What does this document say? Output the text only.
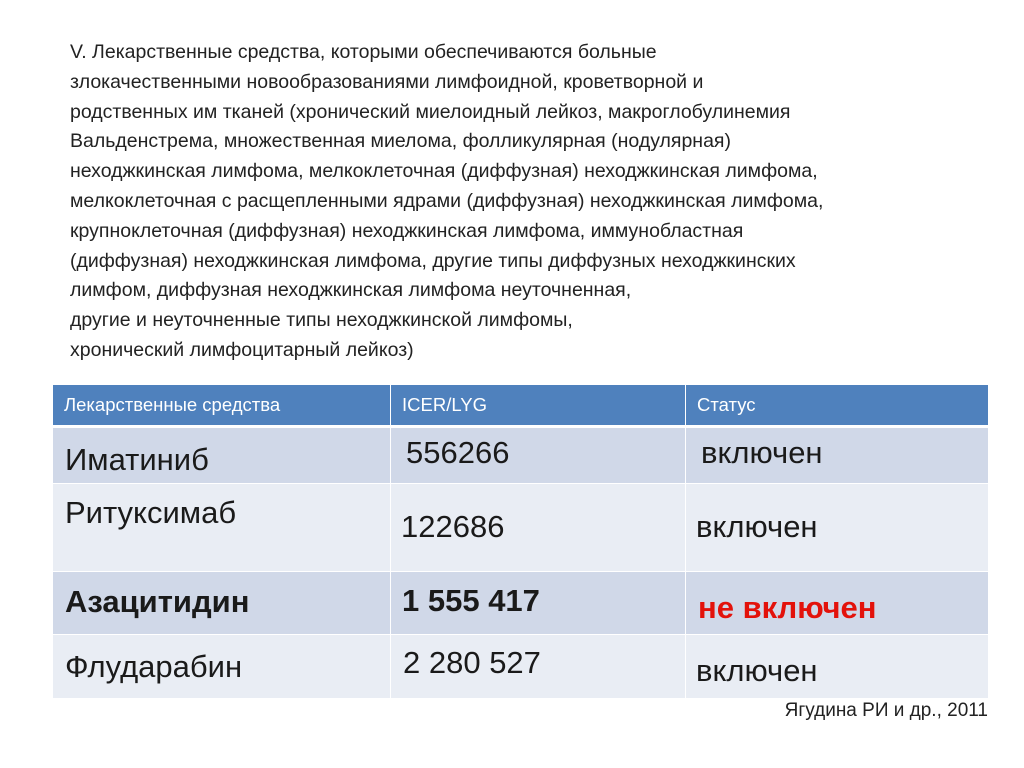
V. Лекарственные средства, которыми обеспечиваются больные
злокачественными новообразованиями лимфоидной, кроветворной и
родственных им тканей (хронический миелоидный лейкоз, макроглобулинемия
Вальденстрема, множественная миелома, фолликулярная (нодулярная)
неходжкинская лимфома, мелкоклеточная (диффузная) неходжкинская лимфома,
мелкоклеточная с расщепленными ядрами (диффузная) неходжкинская лимфома,
крупноклеточная (диффузная) неходжкинская лимфома, иммунобластная
(диффузная) неходжкинская лимфома, другие типы диффузных неходжкинских
лимфом, диффузная неходжкинская лимфома неуточненная,
другие и неуточненные типы неходжкинской лимфомы,
хронический лимфоцитарный лейкоз)
Лекарственные средства	ICER/LYG	Статус

Иматиниб	556266	включен

Ритуксимаб	122686	включен

Азацитидин	1 555 417	не включен

Флударабин	2 280 527	включен
Ягудина РИ и др., 2011
